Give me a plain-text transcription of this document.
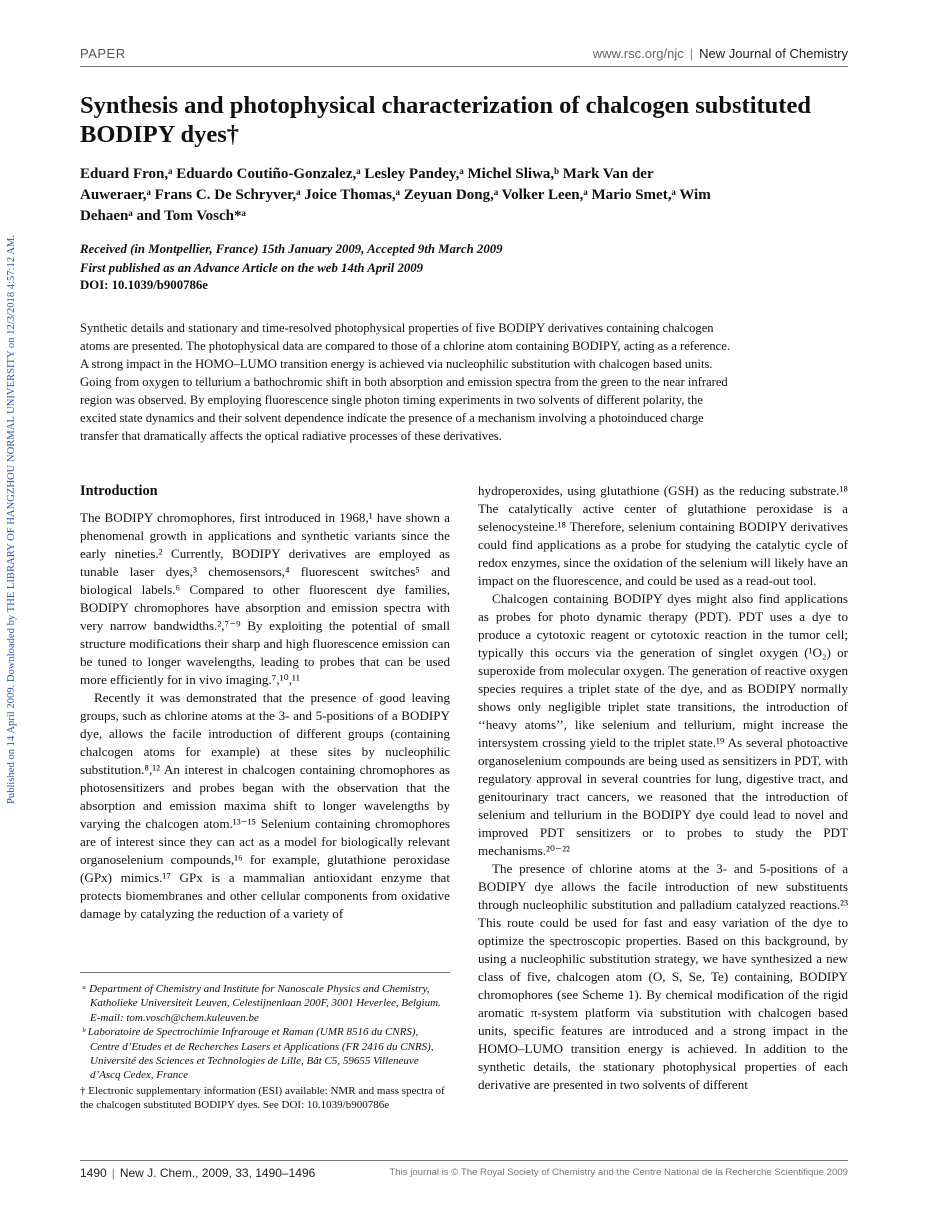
Published on 14 April 2009. Downloaded by THE LIBRARY OF HANGZHOU NORMAL UNIVERSITY on 12/3/2018 4:57:12 AM.
PAPER	www.rsc.org/njc | New Journal of Chemistry
Synthesis and photophysical characterization of chalcogen substituted BODIPY dyes†
Eduard Fron,ᵃ Eduardo Coutiño-Gonzalez,ᵃ Lesley Pandey,ᵃ Michel Sliwa,ᵇ Mark Van der Auweraer,ᵃ Frans C. De Schryver,ᵃ Joice Thomas,ᵃ Zeyuan Dong,ᵃ Volker Leen,ᵃ Mario Smet,ᵃ Wim Dehaenᵃ and Tom Vosch*ᵃ
Received (in Montpellier, France) 15th January 2009, Accepted 9th March 2009
First published as an Advance Article on the web 14th April 2009
DOI: 10.1039/b900786e
Synthetic details and stationary and time-resolved photophysical properties of five BODIPY derivatives containing chalcogen atoms are presented. The photophysical data are compared to those of a chlorine atom containing BODIPY, acting as a reference. A strong impact in the HOMO–LUMO transition energy is achieved via nucleophilic substitution with chalcogen based units. Going from oxygen to tellurium a bathochromic shift in both absorption and emission spectra from the green to the near infrared region was observed. By employing fluorescence single photon timing experiments in two solvents of different polarity, the excited state dynamics and their solvent dependence indicate the presence of a mechanism involving a photoinduced charge transfer that dramatically affects the optical radiative processes of these derivatives.
Introduction

The BODIPY chromophores, first introduced in 1968,¹ have shown a phenomenal growth in applications and synthetic variants since the early nineties.² Currently, BODIPY derivatives are employed as tunable laser dyes,³ chemosensors,⁴ fluorescent switches⁵ and biological labels.⁶ Compared to other fluorescent dye families, BODIPY chromophores have absorption and emission spectra with very narrow bandwidths.²,⁷⁻⁹ By exploiting the potential of small structure modifications their sharp and high fluorescence emission can be tuned to longer wavelengths, leading to probes that can be used more efficiently for in vivo imaging.⁷,¹⁰,¹¹

Recently it was demonstrated that the presence of good leaving groups, such as chlorine atoms at the 3- and 5-positions of a BODIPY dye, allows the facile introduction of different groups (containing chalcogen atoms for example) at these sites by nucleophilic substitution.⁸,¹² An interest in chalcogen containing chromophores as photosensitizers and probes began with the observation that the absorption and emission maxima shift to longer wavelengths by varying the chalcogen atom.¹³⁻¹⁵ Selenium containing chromophores are of interest since they can act as a model for biologically relevant organoselenium compounds,¹⁶ for example, glutathione peroxidase (GPx) mimics.¹⁷ GPx is a mammalian antioxidant enzyme that protects biomembranes and other cellular components from oxidative damage by catalyzing the reduction of a variety of

hydroperoxides, using glutathione (GSH) as the reducing substrate.¹⁸ The catalytically active center of glutathione peroxidase is a selenocysteine.¹⁸ Therefore, selenium containing BODIPY derivatives could find applications as a probe for studying the catalytic cycle of redox enzymes, since the oxidation of the selenium will likely have an impact on the fluorescence, and could be used as a read-out tool.

Chalcogen containing BODIPY dyes might also find applications as probes for photo dynamic therapy (PDT). PDT uses a dye to produce a cytotoxic reagent or cytotoxic reaction in the tumor cell; typically this occurs via the generation of singlet oxygen (¹O₂) or superoxide from molecular oxygen. The generation of reactive oxygen species requires a triplet state of the dye, and as BODIPY normally shows only negligible triplet state transitions, the introduction of ‘‘heavy atoms’’, like selenium and tellurium, might increase the intersystem crossing yield to the triplet state.¹⁹ As several photoactive organoselenium compounds are being used as sensitizers in PDT, with regulatory approval in several countries for lung, digestive tract, and genitourinary tract cancers, we reasoned that the introduction of selenium and tellurium in the BODIPY dye could lead to novel and improved PDT sensitizers or to probes to study the PDT mechanisms.²⁰⁻²²

The presence of chlorine atoms at the 3- and 5-positions of a BODIPY dye allows the facile introduction of new substituents through nucleophilic substitution and palladium catalyzed reactions.²³ This route could be used for fast and easy variation of the dye to optimize the spectroscopic properties. Based on this background, by using a nucleophilic substitution strategy, we have synthesized a new class of five, chalcogen atom (O, S, Se, Te) containing, BODIPY chromophores (see Scheme 1). By chemical modification of the rigid aromatic π-system platform via substitution with chalcogen based units, specific features are introduced and a strong impact in the HOMO–LUMO transition energy is achieved. In addition to the synthetic details, the stationary photophysical properties of each derivative are presented in two solvents of different

ᵃ Department of Chemistry and Institute for Nanoscale Physics and Chemistry, Katholieke Universiteit Leuven, Celestijnenlaan 200F, 3001 Heverlee, Belgium. E-mail: tom.vosch@chem.kuleuven.be

ᵇ Laboratoire de Spectrochimie Infrarouge et Raman (UMR 8516 du CNRS), Centre d’Etudes et de Recherches Lasers et Applications (FR 2416 du CNRS), Université des Sciences et Technologies de Lille, Bât C5, 59655 Villeneuve d’Ascq Cedex, France

† Electronic supplementary information (ESI) available: NMR and mass spectra of the chalcogen substituted BODIPY dyes. See DOI: 10.1039/b900786e

1490 | New J. Chem., 2009, 33, 1490–1496	This journal is © The Royal Society of Chemistry and the Centre National de la Recherche Scientifique 2009
